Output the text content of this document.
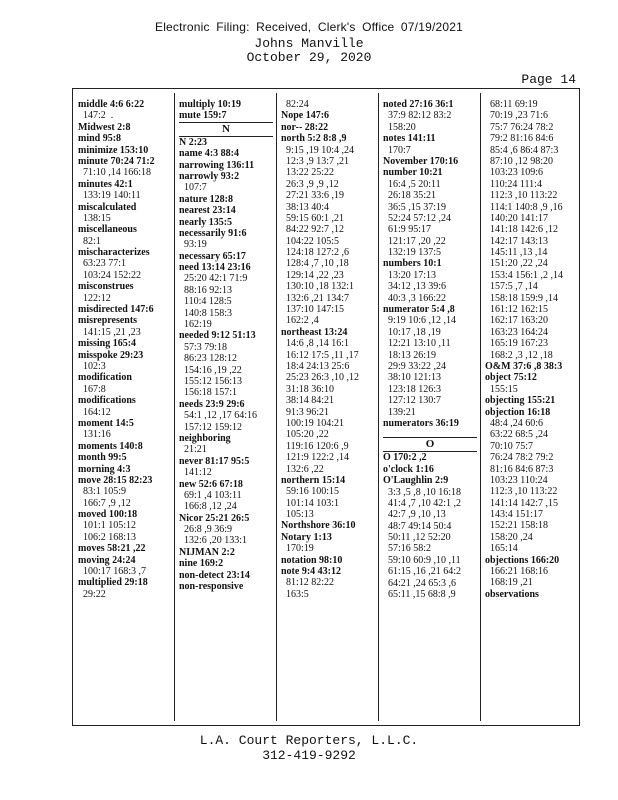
Electronic Filing: Received, Clerk's Office 07/19/2021
Johns Manville
October 29, 2020
Page 14
middle 4:6 6:22
147:2  .
Midwest 2:8
mind 95:8
minimize 153:10
minute 70:24 71:2
71:10 ,14 166:18
minutes 42:1
133:19 140:11
miscalculated
138:15
miscellaneous
82:1
mischaracterizes
63:23 77:1
103:24 152:22
misconstrues
122:12
misdirected 147:6
misrepresents
141:15 ,21 ,23
missing 165:4
misspoke 29:23
102:3
modification
167:8
modifications
164:12
moment 14:5
131:16
moments 140:8
month 99:5
morning 4:3
move 28:15 82:23
83:1 105:9
166:7 ,9 ,12
moved 100:18
101:1 105:12
106:2 168:13
moves 58:21 ,22
moving 24:24
100:17 168:3 ,7
multiplied 29:18
29:22
multiply 10:19
mute 159:7
N
N 2:23
name 4:3 88:4
narrowing 136:11
narrowly 93:2
107:7
nature 128:8
nearest 23:14
nearly 135:5
necessarily 91:6
93:19
necessary 65:17
need 13:14 23:16
25:20 42:1 71:9
88:16 92:13
110:4 128:5
140:8 158:3
162:19
needed 9:12 51:13
57:3 79:18
86:23 128:12
154:16 ,19 ,22
155:12 156:13
156:18 157:1
needs 23:9 29:6
54:1 ,12 ,17 64:16
157:12 159:12
neighboring
21:21
never 81:17 95:5
141:12
new 52:6 67:18
69:1 ,4 103:11
166:8 ,12 ,24
Nicor 25:21 26:5
26:8 ,9 36:9
132:6 ,20 133:1
NIJMAN 2:2
nine 169:2
non-detect 23:14
non-responsive
82:24
Nope 147:6
nor-- 28:22
north 5:2 8:8 ,9
9:15 ,19 10:4 ,24
12:3 ,9 13:7 ,21
13:22 25:22
26:3 ,9 ,9 ,12
27:21 33:6 ,19
38:13 40:4
59:15 60:1 ,21
84:22 92:7 ,12
104:22 105:5
124:18 127:2 ,6
128:4 ,7 ,10 ,18
129:14 ,22 ,23
130:10 ,18 132:1
132:6 ,21 134:7
137:10 147:15
162:2 ,4
northeast 13:24
14:6 ,8 ,14 16:1
16:12 17:5 ,11 ,17
18:4 24:13 25:6
25:23 26:3 ,10 ,12
31:18 36:10
38:14 84:21
91:3 96:21
100:19 104:21
105:20 ,22
119:16 120:6 ,9
121:9 122:2 ,14
132:6 ,22
northern 15:14
59:16 100:15
101:14 103:1
105:13
Northshore 36:10
Notary 1:13
170:19
notation 98:10
note 9:4 43:12
81:12 82:22
163:5
noted 27:16 36:1
37:9 82:12 83:2
158:20
notes 141:11
170:7
November 170:16
number 10:21
16:4 ,5 20:11
26:18 35:21
36:5 ,15 37:19
52:24 57:12 ,24
61:9 95:17
121:17 ,20 ,22
132:19 137:5
numbers 10:1
13:20 17:13
34:12 ,13 39:6
40:3 ,3 166:22
numerator 5:4 ,8
9:19 10:6 ,12 ,14
10:17 ,18 ,19
12:21 13:10 ,11
18:13 26:19
29:9 33:22 ,24
38:10 121:13
123:18 126:3
127:12 130:7
139:21
numerators 36:19
O
O 170:2 ,2
o'clock 1:16
O'Laughlin 2:9
3:3 ,5 ,8 ,10 16:18
41:4 ,7 ,10 42:1 ,2
42:7 ,9 ,10 ,13
48:7 49:14 50:4
50:11 ,12 52:20
57:16 58:2
59:10 60:9 ,10 ,11
61:15 ,16 ,21 64:2
64:21 ,24 65:3 ,6
65:11 ,15 68:8 ,9
68:11 69:19
70:19 ,23 71:6
75:7 76:24 78:2
79:2 81:16 84:6
85:4 ,6 86:4 87:3
87:10 ,12 98:20
103:23 109:6
110:24 111:4
112:3 ,10 113:22
114:1 140:8 ,9 ,16
140:20 141:17
141:18 142:6 ,12
142:17 143:13
145:11 ,13 ,14
151:20 ,22 ,24
153:4 156:1 ,2 ,14
157:5 ,7 ,14
158:18 159:9 ,14
161:12 162:15
162:17 163:20
163:23 164:24
165:19 167:23
168:2 ,3 ,12 ,18
O&M 37:6 ,8 38:3
object 75:12
155:15
objecting 155:21
objection 16:18
48:4 ,24 60:6
63:22 68:5 ,24
70:10 75:7
76:24 78:2 79:2
81:16 84:6 87:3
103:23 110:24
112:3 ,10 113:22
141:14 142:7 ,15
143:4 151:17
152:21 158:18
158:20 ,24
165:14
objections 166:20
166:21 168:16
168:19 ,21
observations
L.A. Court Reporters, L.L.C.
312-419-9292
